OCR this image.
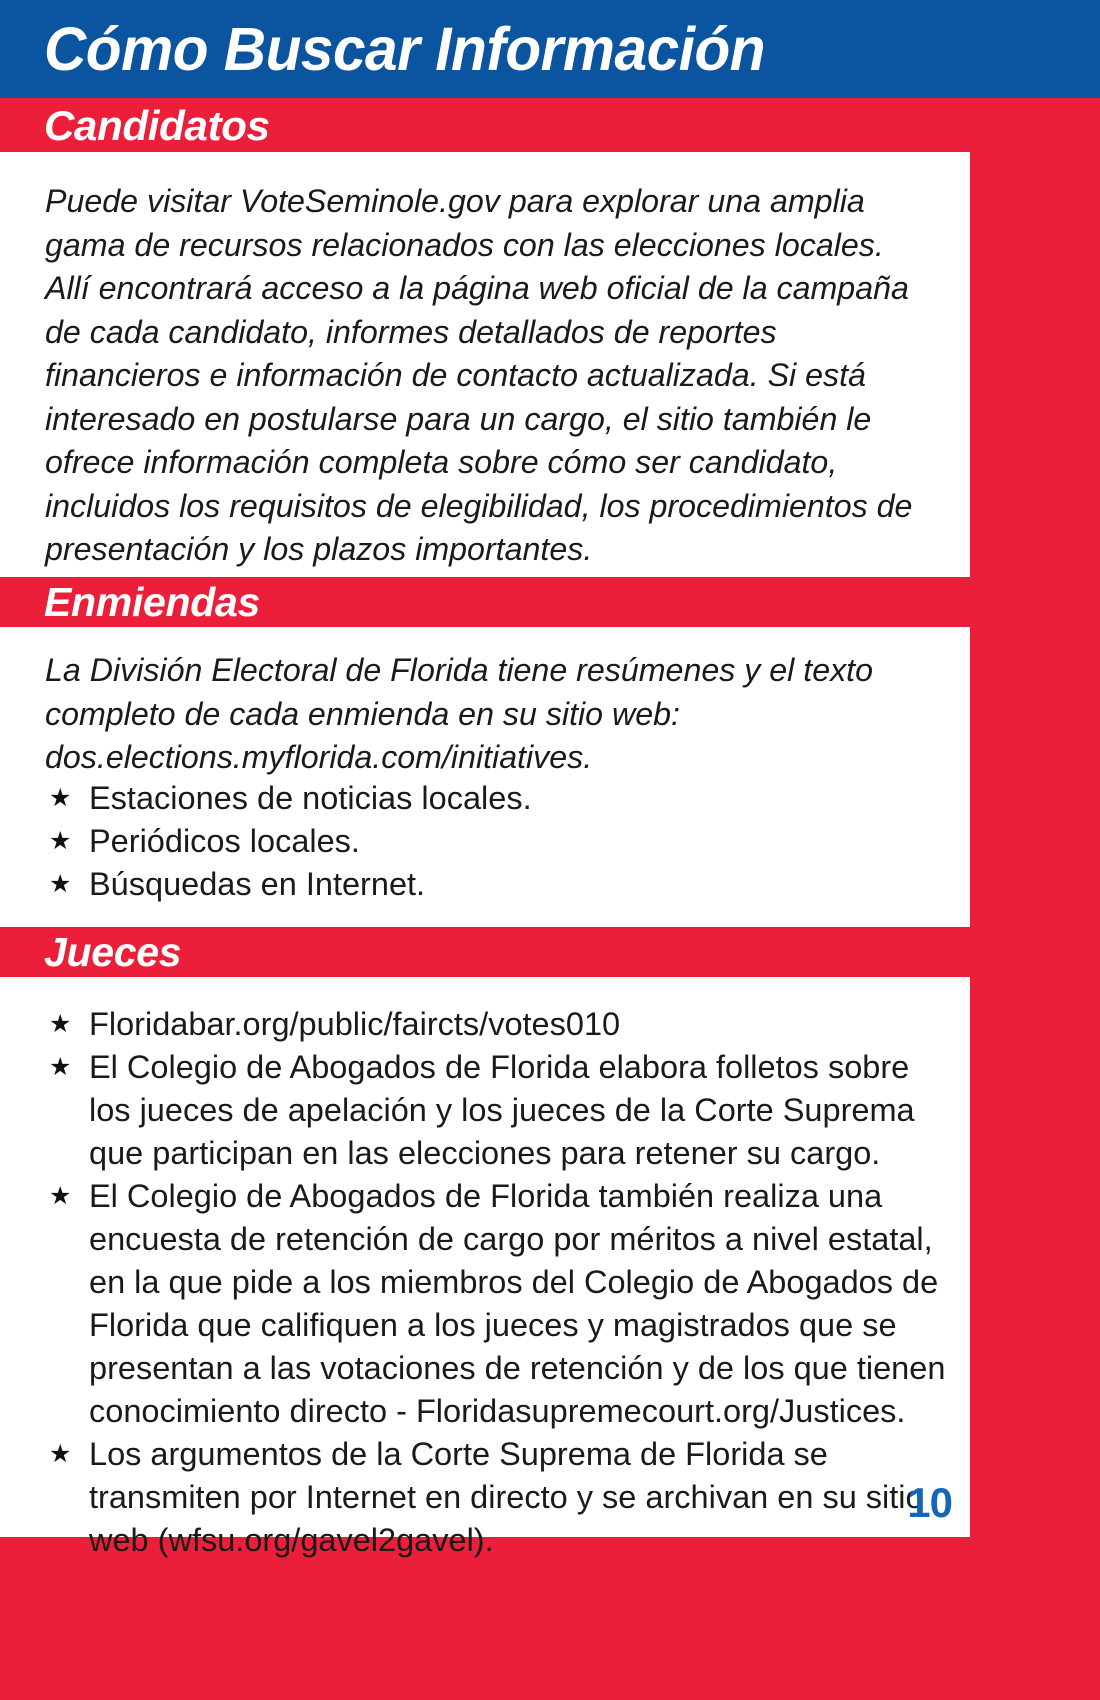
Cómo Buscar Información
Candidatos
Puede visitar VoteSeminole.gov para explorar una amplia gama de recursos relacionados con las elecciones locales. Allí encontrará acceso a la página web oficial de la campaña de cada candidato, informes detallados de reportes financieros e información de contacto actualizada. Si está interesado en postularse para un cargo, el sitio también le ofrece información completa sobre cómo ser candidato, incluidos los requisitos de elegibilidad, los procedimientos de presentación y los plazos importantes.
Enmiendas
La División Electoral de Florida tiene resúmenes y el texto completo de cada enmienda en su sitio web: dos.elections.myflorida.com/initiatives.
★ Estaciones de noticias locales.
★ Periódicos locales.
★ Búsquedas en Internet.
Jueces
★ Floridabar.org/public/faircts/votes010
★ El Colegio de Abogados de Florida elabora folletos sobre los jueces de apelación y los jueces de la Corte Suprema que participan en las elecciones para retener su cargo.
★ El Colegio de Abogados de Florida también realiza una encuesta de retención de cargo por méritos a nivel estatal, en la que pide a los miembros del Colegio de Abogados de Florida que califiquen a los jueces y magistrados que se presentan a las votaciones de retención y de los que tienen conocimiento directo - Floridasupremecourt.org/Justices.
★ Los argumentos de la Corte Suprema de Florida se transmiten por Internet en directo y se archivan en su sitio web (wfsu.org/gavel2gavel).
10
